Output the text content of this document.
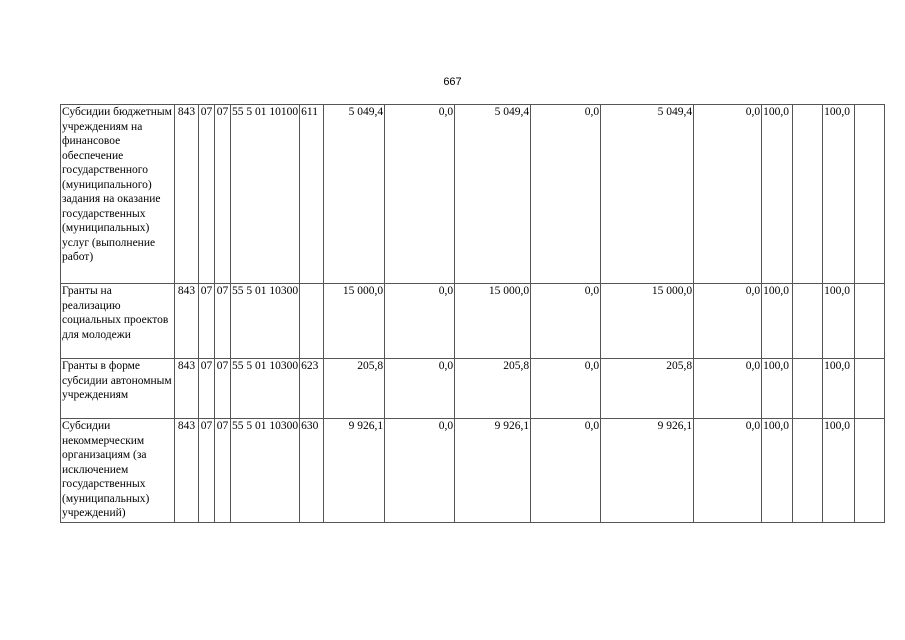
667
Субсидии бюджетным учреждениям на финансовое обеспечение государственного (муниципального) задания на оказание государственных (муниципальных) услуг (выполнение работ)	843	07	07	55 5 01 10100	611	5 049,4	0,0	5 049,4	0,0	5 049,4	0,0	100,0		100,0	
Гранты на реализацию социальных проектов для молодежи	843	07	07	55 5 01 10300		15 000,0	0,0	15 000,0	0,0	15 000,0	0,0	100,0		100,0	
Гранты в форме субсидии автономным учреждениям	843	07	07	55 5 01 10300	623	205,8	0,0	205,8	0,0	205,8	0,0	100,0		100,0	
Субсидии некоммерческим организациям (за исключением государственных (муниципальных) учреждений)	843	07	07	55 5 01 10300	630	9 926,1	0,0	9 926,1	0,0	9 926,1	0,0	100,0		100,0	
